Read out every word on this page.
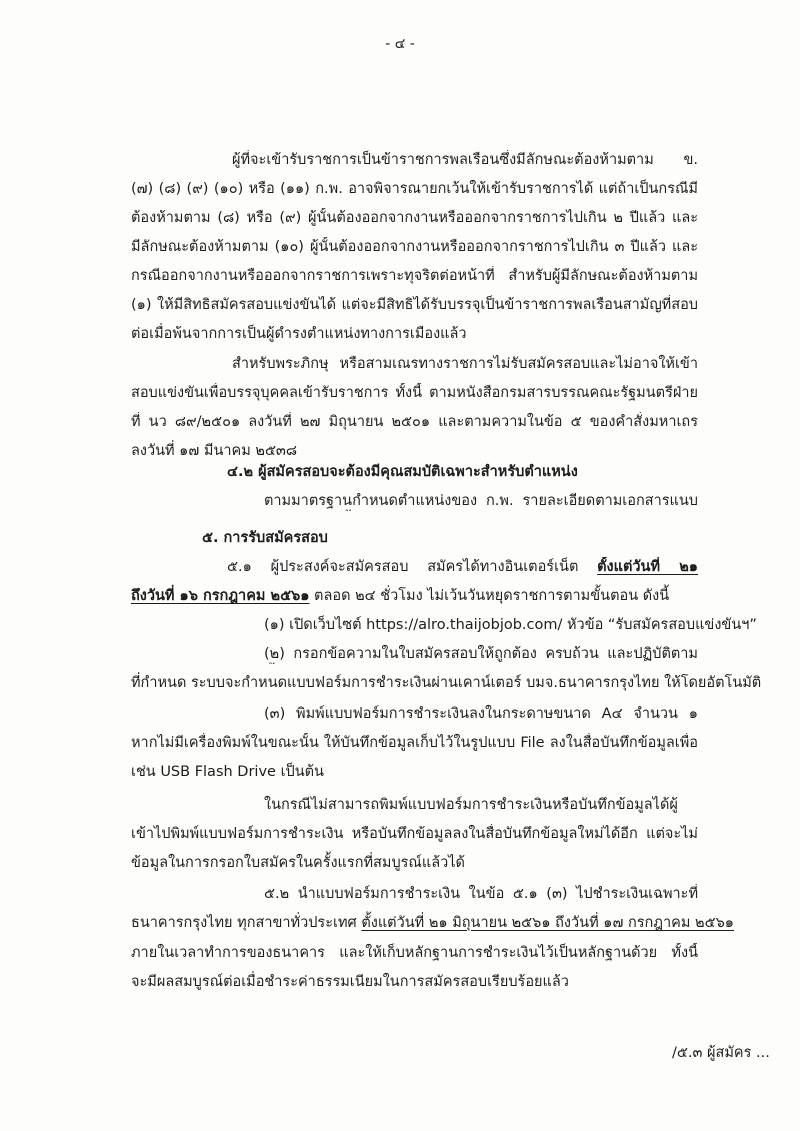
- ๔ -
ผู้ที่จะเข้ารับราชการเป็นข้าราชการพลเรือนซึ่งมีลักษณะต้องห้ามตาม ข.
(๗) (๘) (๙) (๑๐) หรือ (๑๑) ก.พ. อาจพิจารณายกเว้นให้เข้ารับราชการได้ แต่ถ้าเป็นกรณีมี
ต้องห้ามตาม (๘) หรือ (๙) ผู้นั้นต้องออกจากงานหรือออกจากราชการไปเกิน ๒ ปีแล้ว และ
มีลักษณะต้องห้ามตาม (๑๐) ผู้นั้นต้องออกจากงานหรือออกจากราชการไปเกิน ๓ ปีแล้ว และ
กรณีออกจากงานหรือออกจากราชการเพราะทุจริตต่อหน้าที่ สำหรับผู้มีลักษณะต้องห้ามตาม
(๑) ให้มีสิทธิสมัครสอบแข่งขันได้ แต่จะมีสิทธิได้รับบรรจุเป็นข้าราชการพลเรือนสามัญที่สอบ
ต่อเมื่อพ้นจากการเป็นผู้ดำรงตำแหน่งทางการเมืองแล้ว
สำหรับพระภิกษุ หรือสามเณรทางราชการไม่รับสมัครสอบและไม่อาจให้เข้า
สอบแข่งขันเพื่อบรรจุบุคคลเข้ารับราชการ ทั้งนี้ ตามหนังสือกรมสารบรรณคณะรัฐมนตรีฝ่าย
ที่ นว ๘๙/๒๕๐๑ ลงวันที่ ๒๗ มิถุนายน ๒๕๐๑ และตามความในข้อ ๕ ของคำสั่งมหาเถร
ลงวันที่ ๑๗ มีนาคม ๒๕๓๘
๔.๒ ผู้สมัครสอบจะต้องมีคุณสมบัติเฉพาะสำหรับตำแหน่ง
ตามมาตรฐานกำหนดตำแหน่งของ ก.พ. รายละเอียดตามเอกสารแนบ
๕. การรับสมัครสอบ
๕.๑ ผู้ประสงค์จะสมัครสอบ สมัครได้ทางอินเตอร์เน็ต ตั้งแต่วันที่ ๒๑
ถึงวันที่ ๑๖ กรกฎาคม ๒๕๖๑ ตลอด ๒๔ ชั่วโมง ไม่เว้นวันหยุดราชการตามขั้นตอน ดังนี้
(๑) เปิดเว็บไซต์ https://alro.thaijobjob.com/ หัวข้อ “รับสมัครสอบแข่งขันฯ”
(๒) กรอกข้อความในใบสมัครสอบให้ถูกต้อง ครบถ้วน และปฏิบัติตาม
ที่กำหนด ระบบจะกำหนดแบบฟอร์มการชำระเงินผ่านเคาน์เตอร์ บมจ.ธนาคารกรุงไทย ให้โดยอัตโนมัติ
(๓) พิมพ์แบบฟอร์มการชำระเงินลงในกระดาษขนาด A๔ จำนวน ๑
หากไม่มีเครื่องพิมพ์ในขณะนั้น ให้บันทึกข้อมูลเก็บไว้ในรูปแบบ File ลงในสื่อบันทึกข้อมูลเพื่อ
เช่น USB Flash Drive เป็นต้น
ในกรณีไม่สามารถพิมพ์แบบฟอร์มการชำระเงินหรือบันทึกข้อมูลได้ผู้
เข้าไปพิมพ์แบบฟอร์มการชำระเงิน หรือบันทึกข้อมูลลงในสื่อบันทึกข้อมูลใหม่ได้อีก แต่จะไม่
ข้อมูลในการกรอกใบสมัครในครั้งแรกที่สมบูรณ์แล้วได้
๕.๒ นำแบบฟอร์มการชำระเงิน ในข้อ ๕.๑ (๓) ไปชำระเงินเฉพาะที่
ธนาคารกรุงไทย ทุกสาขาทั่วประเทศ ตั้งแต่วันที่ ๒๑ มิถุนายน ๒๕๖๑ ถึงวันที่ ๑๗ กรกฎาคม ๒๕๖๑
ภายในเวลาทำการของธนาคาร และให้เก็บหลักฐานการชำระเงินไว้เป็นหลักฐานด้วย ทั้งนี้
จะมีผลสมบูรณ์ต่อเมื่อชำระค่าธรรมเนียมในการสมัครสอบเรียบร้อยแล้ว
/๕.๓ ผู้สมัคร ...
